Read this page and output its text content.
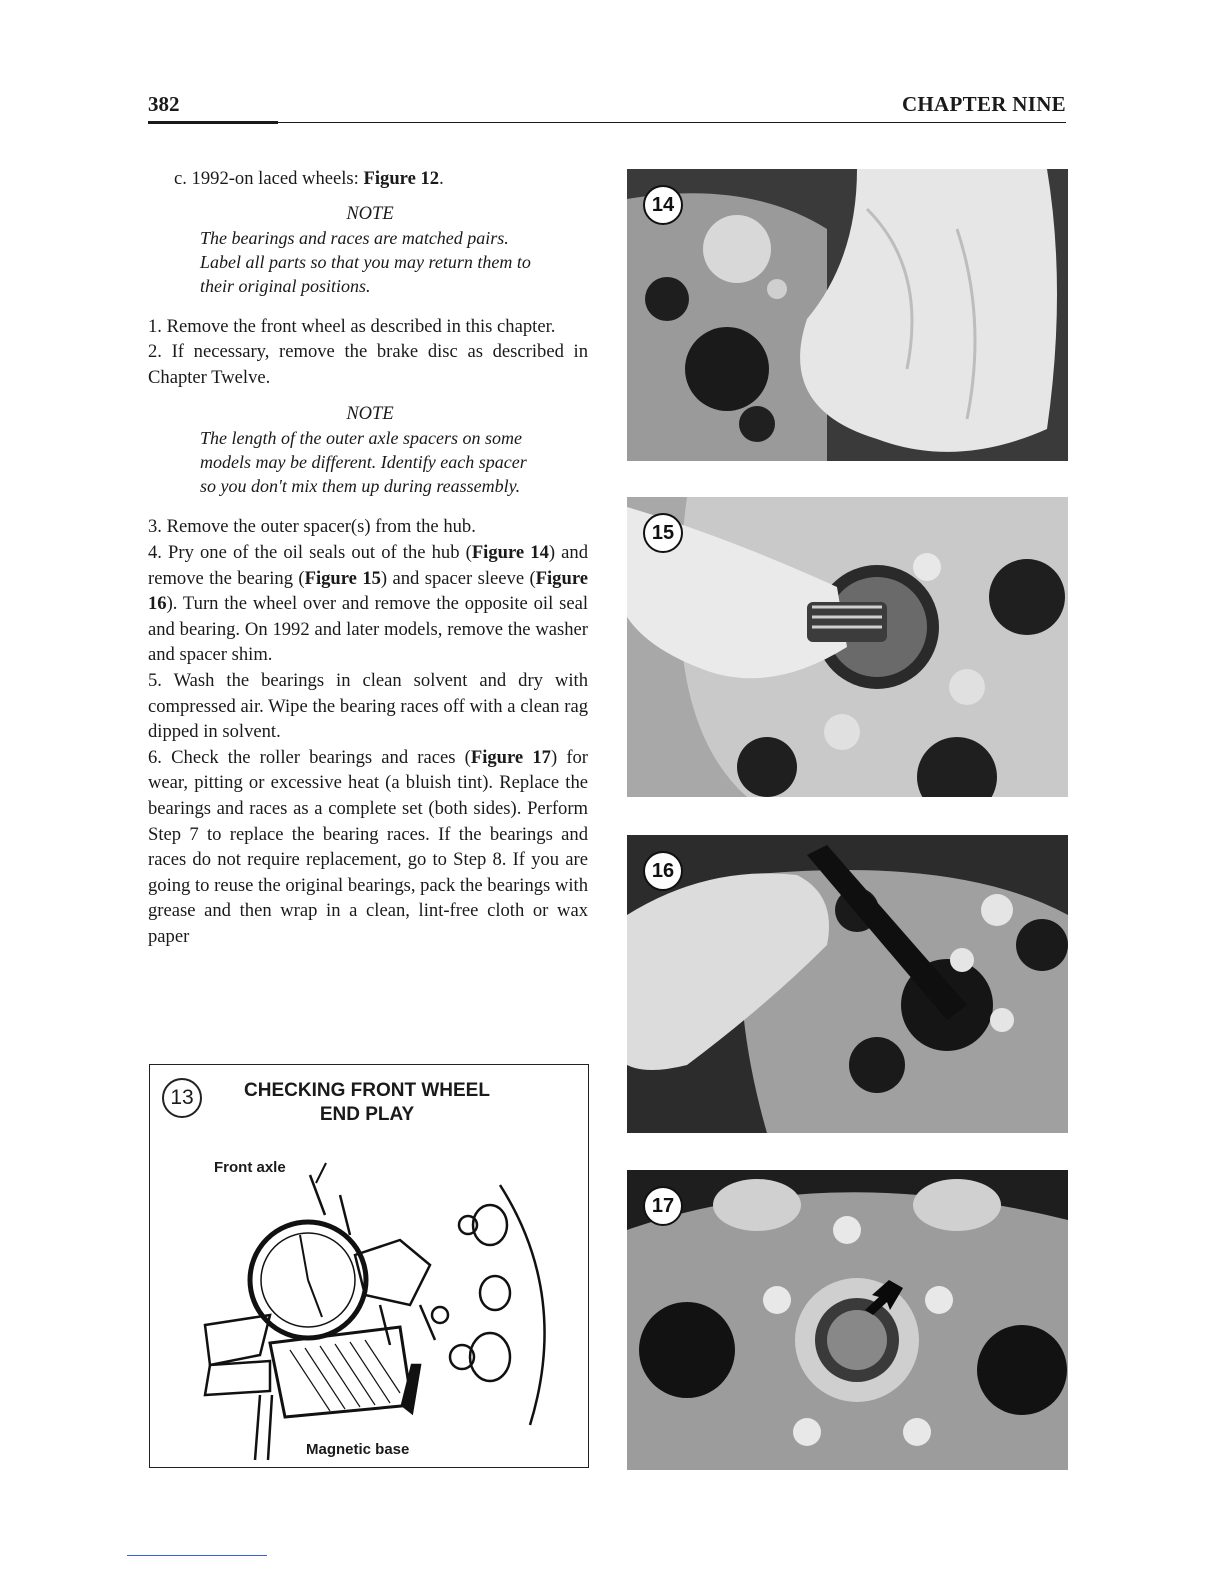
382	CHAPTER NINE

c. 1992-on laced wheels: Figure 12.

NOTE
The bearings and races are matched pairs. Label all parts so that you may return them to their original positions.

1. Remove the front wheel as described in this chapter.

2. If necessary, remove the brake disc as described in Chapter Twelve.

NOTE
The length of the outer axle spacers on some models may be different. Identify each spacer so you don't mix them up during reassembly.

3. Remove the outer spacer(s) from the hub.

4. Pry one of the oil seals out of the hub (Figure 14) and remove the bearing (Figure 15) and spacer sleeve (Figure 16). Turn the wheel over and remove the opposite oil seal and bearing. On 1992 and later models, remove the washer and spacer shim.

5. Wash the bearings in clean solvent and dry with compressed air. Wipe the bearing races off with a clean rag dipped in solvent.

6. Check the roller bearings and races (Figure 17) for wear, pitting or excessive heat (a bluish tint). Replace the bearings and races as a complete set (both sides). Perform Step 7 to replace the bearing races. If the bearings and races do not require replacement, go to Step 8. If you are going to reuse the original bearings, pack the bearings with grease and then wrap in a clean, lint-free cloth or wax paper

13	CHECKING FRONT WHEEL
END PLAY
Front axle
Magnetic base
14
15
16
17
